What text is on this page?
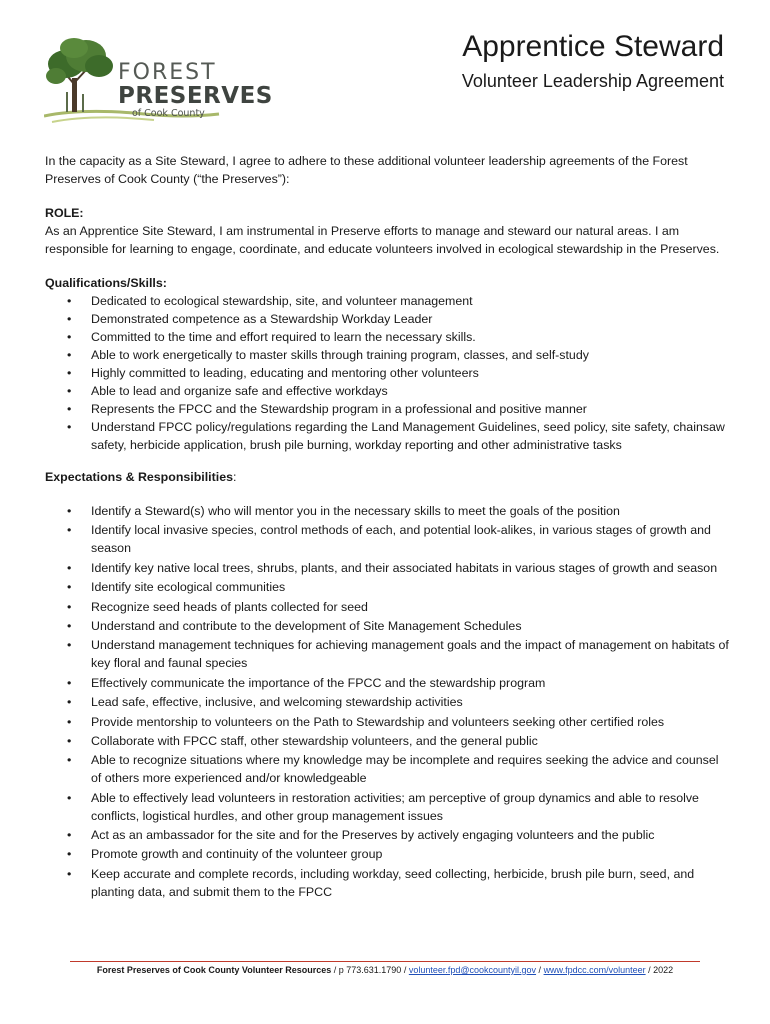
FOREST
PRESERVES
of Cook County
Apprentice Steward
Volunteer Leadership Agreement

In the capacity as a Site Steward, I agree to adhere to these additional volunteer leadership agreements of the Forest Preserves of Cook County (“the Preserves”):

ROLE:

As an Apprentice Site Steward, I am instrumental in Preserve efforts to manage and steward our natural areas. I am responsible for learning to engage, coordinate, and educate volunteers involved in ecological stewardship in the Preserves.

Qualifications/Skills:

• Dedicated to ecological stewardship, site, and volunteer management
• Demonstrated competence as a Stewardship Workday Leader
• Committed to the time and effort required to learn the necessary skills.
• Able to work energetically to master skills through training program, classes, and self-study
• Highly committed to leading, educating and mentoring other volunteers
• Able to lead and organize safe and effective workdays
• Represents the FPCC and the Stewardship program in a professional and positive manner
• Understand FPCC policy/regulations regarding the Land Management Guidelines, seed policy, site safety, chainsaw safety, herbicide application, brush pile burning, workday reporting and other administrative tasks

Expectations & Responsibilities:

• Identify a Steward(s) who will mentor you in the necessary skills to meet the goals of the position
• Identify local invasive species, control methods of each, and potential look-alikes, in various stages of growth and season
• Identify key native local trees, shrubs, plants, and their associated habitats in various stages of growth and season
• Identify site ecological communities
• Recognize seed heads of plants collected for seed
• Understand and contribute to the development of Site Management Schedules
• Understand management techniques for achieving management goals and the impact of management on habitats of key floral and faunal species
• Effectively communicate the importance of the FPCC and the stewardship program
• Lead safe, effective, inclusive, and welcoming stewardship activities
• Provide mentorship to volunteers on the Path to Stewardship and volunteers seeking other certified roles
• Collaborate with FPCC staff, other stewardship volunteers, and the general public
• Able to recognize situations where my knowledge may be incomplete and requires seeking the advice and counsel of others more experienced and/or knowledgeable
• Able to effectively lead volunteers in restoration activities; am perceptive of group dynamics and able to resolve conflicts, logistical hurdles, and other group management issues
• Act as an ambassador for the site and for the Preserves by actively engaging volunteers and the public
• Promote growth and continuity of the volunteer group
• Keep accurate and complete records, including workday, seed collecting, herbicide, brush pile burn, seed, and planting data, and submit them to the FPCC
Forest Preserves of Cook County Volunteer Resources / p 773.631.1790 / volunteer.fpd@cookcountyil.gov / www.fpdcc.com/volunteer / 2022
